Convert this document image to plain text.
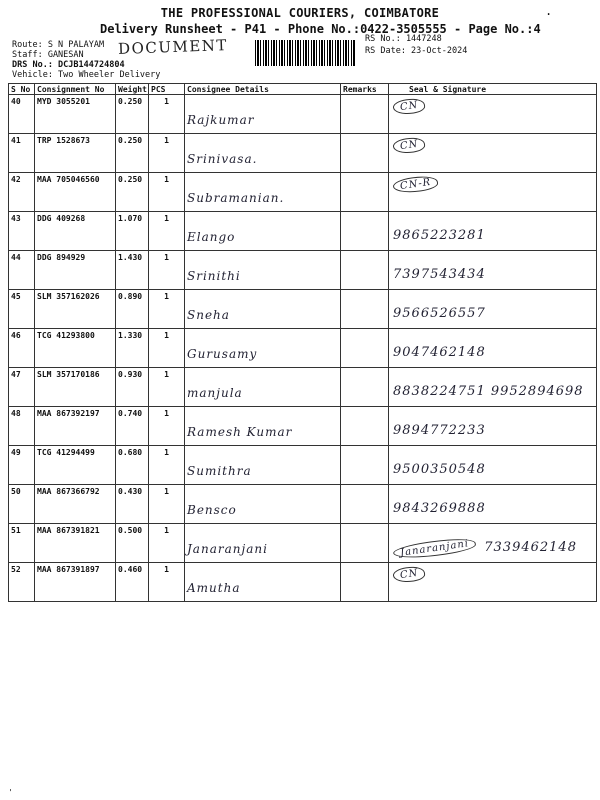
THE PROFESSIONAL COURIERS, COIMBATORE	.
Delivery Runsheet - P41 - Phone No.:0422-3505555 - Page No.:4
Route: S N PALAYAM
Staff: GANESAN
DRS No.: DCJB144724804
Vehicle: Two Wheeler Delivery
DOCUMENT	RS No.: 1447248
RS Date: 23-Oct-2024
S No	Consignment No	Weight	PCS	Consignee Details	Remarks	Seal & Signature
40	MYD 3055201	0.250	1	Rajkumar		CN

41	TRP 1528673	0.250	1	Srinivasa.		CN

42	MAA 705046560	0.250	1	Subramanian.		CN-R

43	DDG 409268	1.070	1	Elango		9865223281

44	DDG 894929	1.430	1	Srinithi		7397543434

45	SLM 357162026	0.890	1	Sneha		9566526557

46	TCG 41293800	1.330	1	Gurusamy		9047462148

47	SLM 357170186	0.930	1	manjula		8838224751 9952894698

48	MAA 867392197	0.740	1	Ramesh Kumar		9894772233

49	TCG 41294499	0.680	1	Sumithra		9500350548

50	MAA 867366792	0.430	1	Bensco		9843269888

51	MAA 867391821	0.500	1	Janaranjani		Janaranjani 7339462148

52	MAA 867391897	0.460	1	Amutha		CN
'
